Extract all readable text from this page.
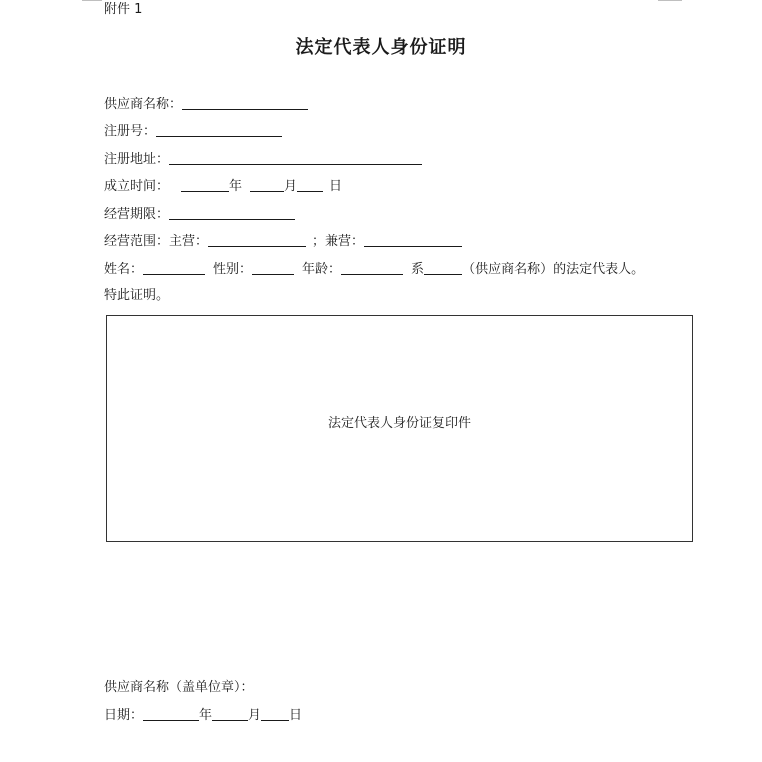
附件 1
法定代表人身份证明
供应商名称：
注册号：
注册地址：
成立时间：	年	月 日
经营期限：
经营范围：主营：	；兼营：
姓名：	性别：	年龄：	系	（供应商名称）的法定代表人。
特此证明。
法定代表人身份证复印件
供应商名称（盖单位章）：
日期：	年	月 日
